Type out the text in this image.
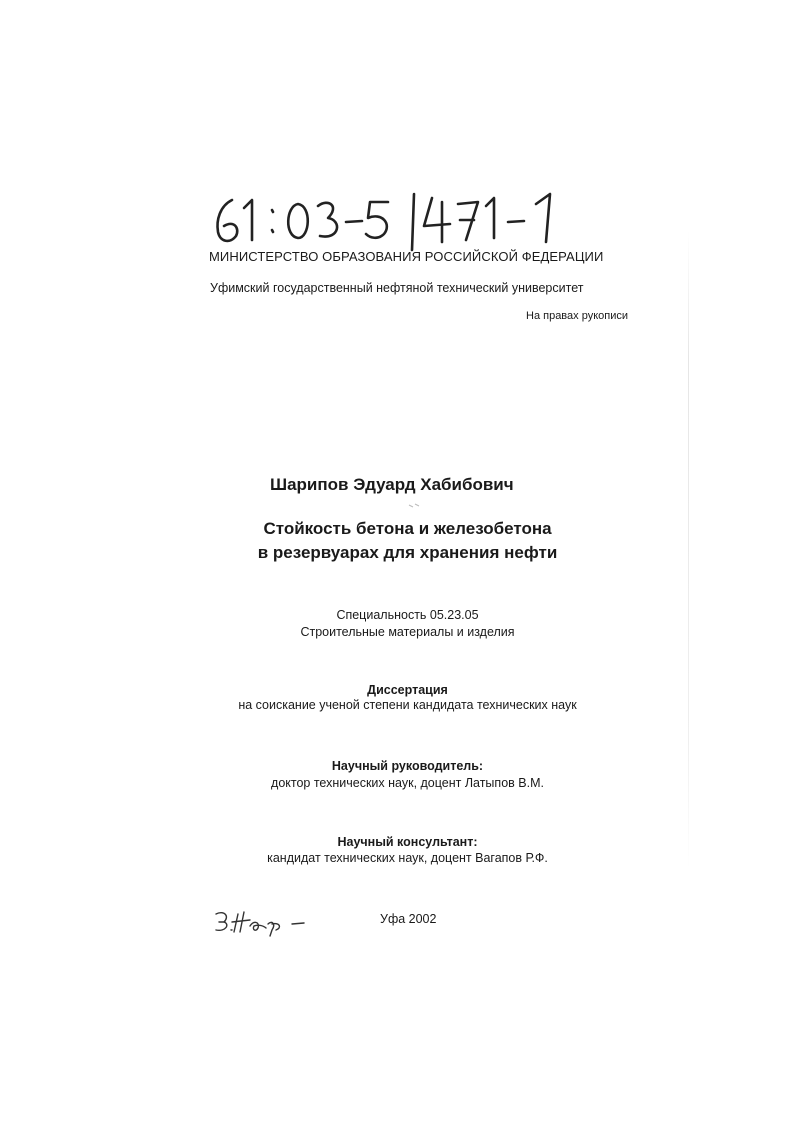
МИНИСТЕРСТВО ОБРАЗОВАНИЯ РОССИЙСКОЙ ФЕДЕРАЦИИ
Уфимский государственный нефтяной технический университет
На правах рукописи
Шарипов Эдуард Хабибович
Стойкость бетона и железобетона
в резервуарах для хранения нефти
Специальность 05.23.05
Строительные материалы и изделия
Диссертация
на соискание ученой степени кандидата технических наук
Научный руководитель:
доктор технических наук, доцент Латыпов В.М.
Научный консультант:
кандидат технических наук, доцент Вагапов Р.Ф.
Уфа 2002
